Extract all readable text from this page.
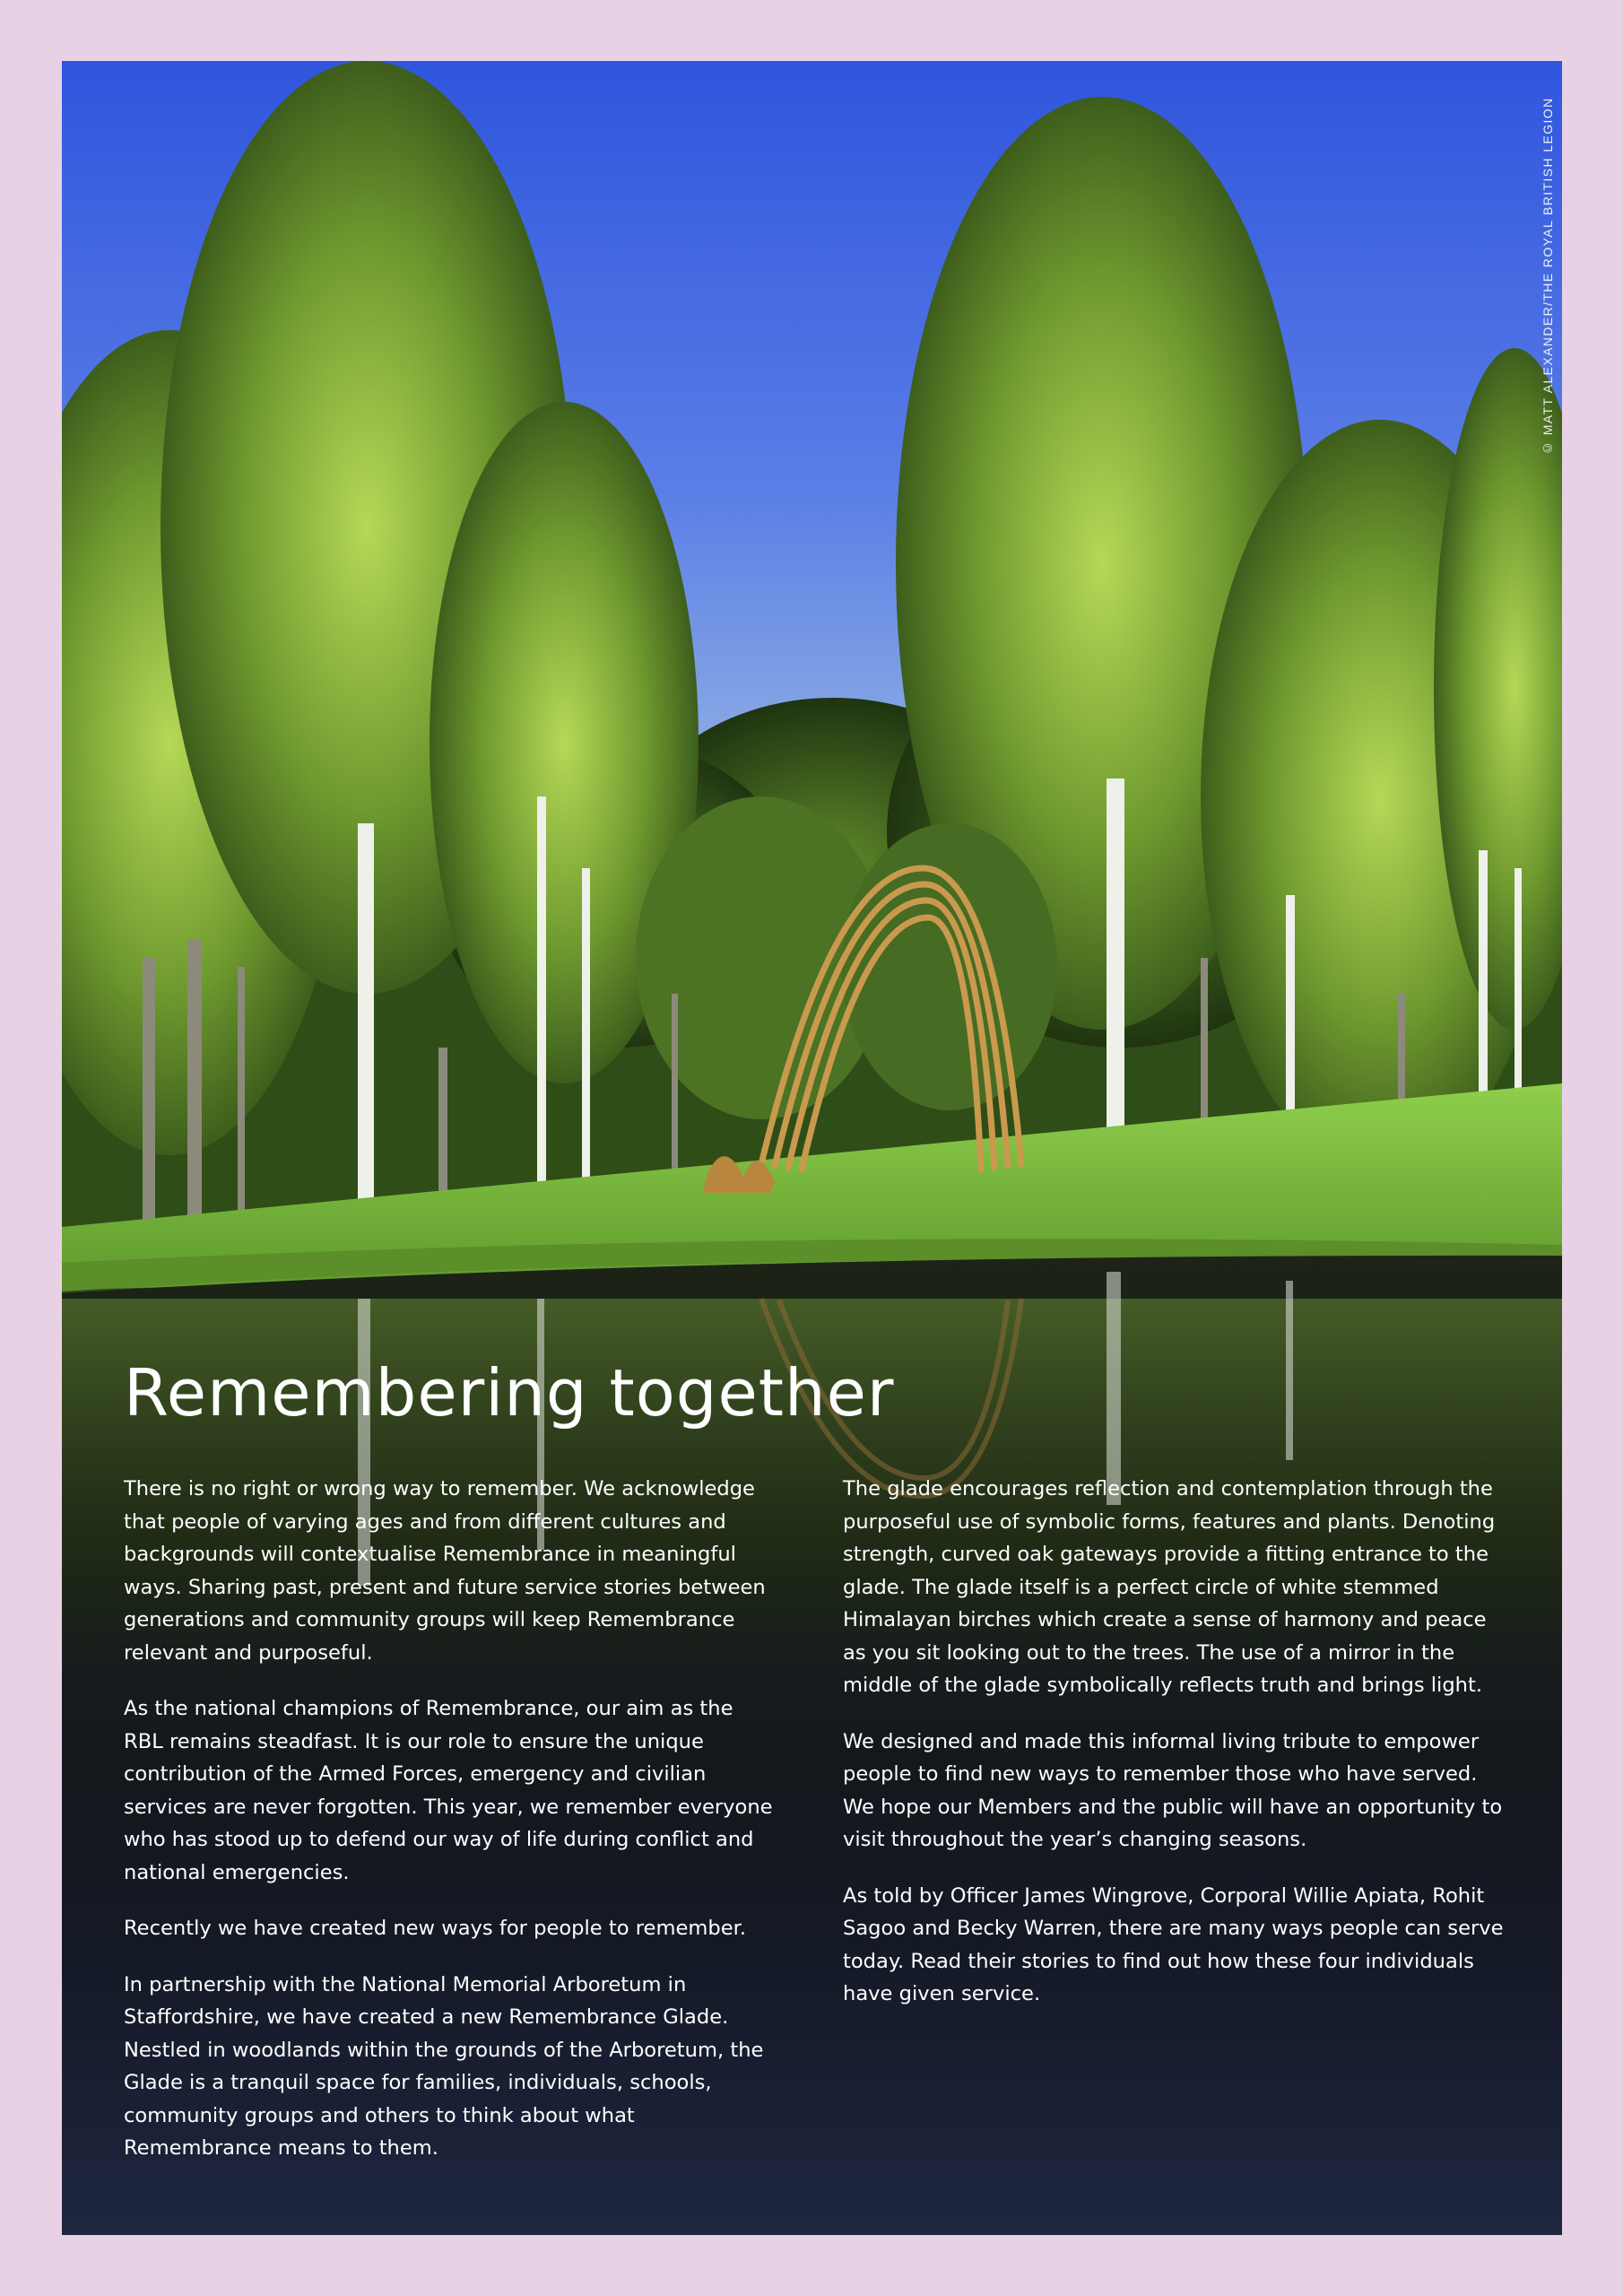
© MATT ALEXANDER/THE ROYAL BRITISH LEGION
Remembering together

There is no right or wrong way to remember. We acknowledge that people of varying ages and from different cultures and backgrounds will contextualise Remembrance in meaningful ways. Sharing past, present and future service stories between generations and community groups will keep Remembrance relevant and purposeful.

As the national champions of Remembrance, our aim as the RBL remains steadfast. It is our role to ensure the unique contribution of the Armed Forces, emergency and civilian services are never forgotten. This year, we remember everyone who has stood up to defend our way of life during conflict and national emergencies.

Recently we have created new ways for people to remember.

In partnership with the National Memorial Arboretum in Staffordshire, we have created a new Remembrance Glade. Nestled in woodlands within the grounds of the Arboretum, the Glade is a tranquil space for families, individuals, schools, community groups and others to think about what Remembrance means to them.

The glade encourages reflection and contemplation through the purposeful use of symbolic forms, features and plants. Denoting strength, curved oak gateways provide a fitting entrance to the glade. The glade itself is a perfect circle of white stemmed Himalayan birches which create a sense of harmony and peace as you sit looking out to the trees. The use of a mirror in the middle of the glade symbolically reflects truth and brings light.

We designed and made this informal living tribute to empower people to find new ways to remember those who have served. We hope our Members and the public will have an opportunity to visit throughout the year’s changing seasons.

As told by Officer James Wingrove, Corporal Willie Apiata, Rohit Sagoo and Becky Warren, there are many ways people can serve today. Read their stories to find out how these four individuals have given service.
